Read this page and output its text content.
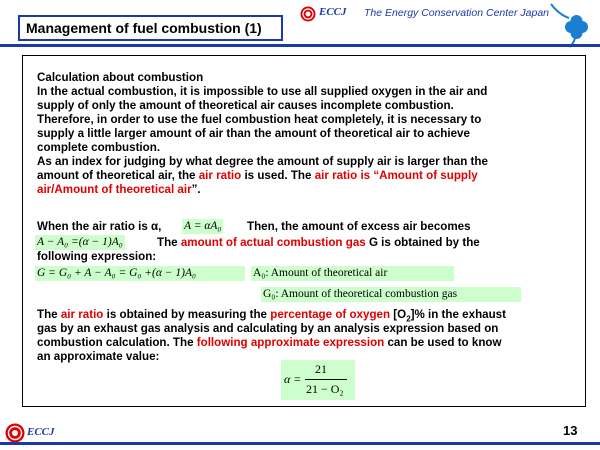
Management of fuel combustion (1)
ECCJ The Energy Conservation Center Japan
Calculation about combustion
In the actual combustion, it is impossible to use all supplied oxygen in the air and
supply of only the amount of theoretical air causes incomplete combustion.
Therefore, in order to use the fuel combustion heat completely, it is necessary to
supply a little larger amount of air than the amount of theoretical air to achieve
complete combustion.
As an index for judging by what degree the amount of supply air is larger than the
amount of theoretical air, the air ratio is used. The air ratio is “Amount of supply
air/Amount of theoretical air”.
When the air ratio is α, A = αA₀ Then, the amount of excess air becomes
A − A₀ =(α − 1)A₀	The amount of actual combustion gas G is obtained by the
following expression:
G = G₀ + A − A₀ = G₀ +(α − 1)A₀	A₀: Amount of theoretical air
G₀: Amount of theoretical combustion gas
The air ratio is obtained by measuring the percentage of oxygen $[O_2]\%$ in the exhaust
gas by an exhaust gas analysis and calculating by an analysis expression based on
combustion calculation. The following approximate expression can be used to know
an approximate value:
α =
21
21 − O₂
ECCJ	13
